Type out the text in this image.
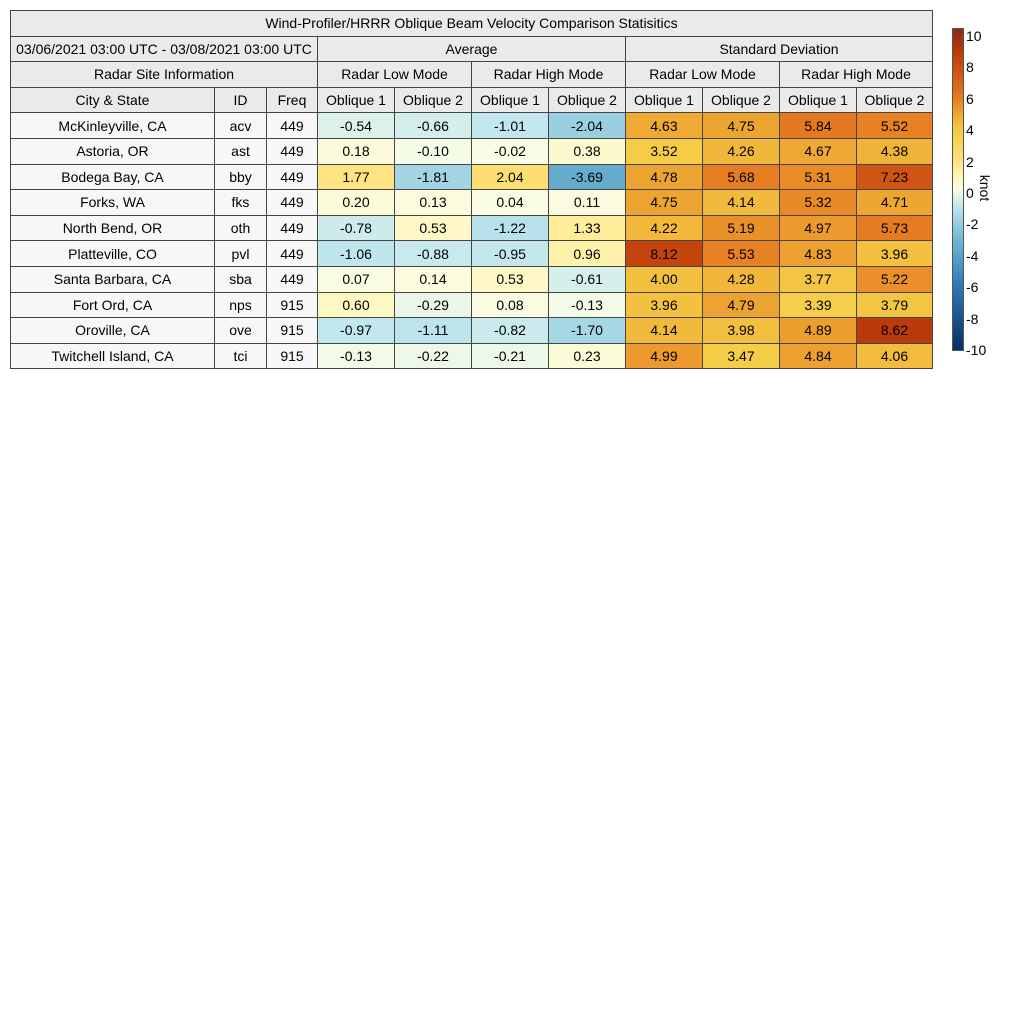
Wind-Profiler/HRRR Oblique Beam Velocity Comparison Statisitics										
03/06/2021 03:00 UTC - 03/08/2021 03:00 UTC			Average				Standard Deviation			
Radar Site Information			Radar Low Mode		Radar High Mode		Radar Low Mode		Radar High Mode	
City & State	ID	Freq	Oblique 1	Oblique 2	Oblique 1	Oblique 2	Oblique 1	Oblique 2	Oblique 1	Oblique 2
McKinleyville, CA	acv	449	-0.54	-0.66	-1.01	-2.04	4.63	4.75	5.84	5.52
Astoria, OR	ast	449	0.18	-0.10	-0.02	0.38	3.52	4.26	4.67	4.38
Bodega Bay, CA	bby	449	1.77	-1.81	2.04	-3.69	4.78	5.68	5.31	7.23
Forks, WA	fks	449	0.20	0.13	0.04	0.11	4.75	4.14	5.32	4.71
North Bend, OR	oth	449	-0.78	0.53	-1.22	1.33	4.22	5.19	4.97	5.73
Platteville, CO	pvl	449	-1.06	-0.88	-0.95	0.96	8.12	5.53	4.83	3.96
Santa Barbara, CA	sba	449	0.07	0.14	0.53	-0.61	4.00	4.28	3.77	5.22
Fort Ord, CA	nps	915	0.60	-0.29	0.08	-0.13	3.96	4.79	3.39	3.79
Oroville, CA	ove	915	-0.97	-1.11	-0.82	-1.70	4.14	3.98	4.89	8.62
Twitchell Island, CA	tci	915	-0.13	-0.22	-0.21	0.23	4.99	3.47	4.84	4.06
10
8
6
4
2
0
-2
-4
-6
-8
-10
knot
